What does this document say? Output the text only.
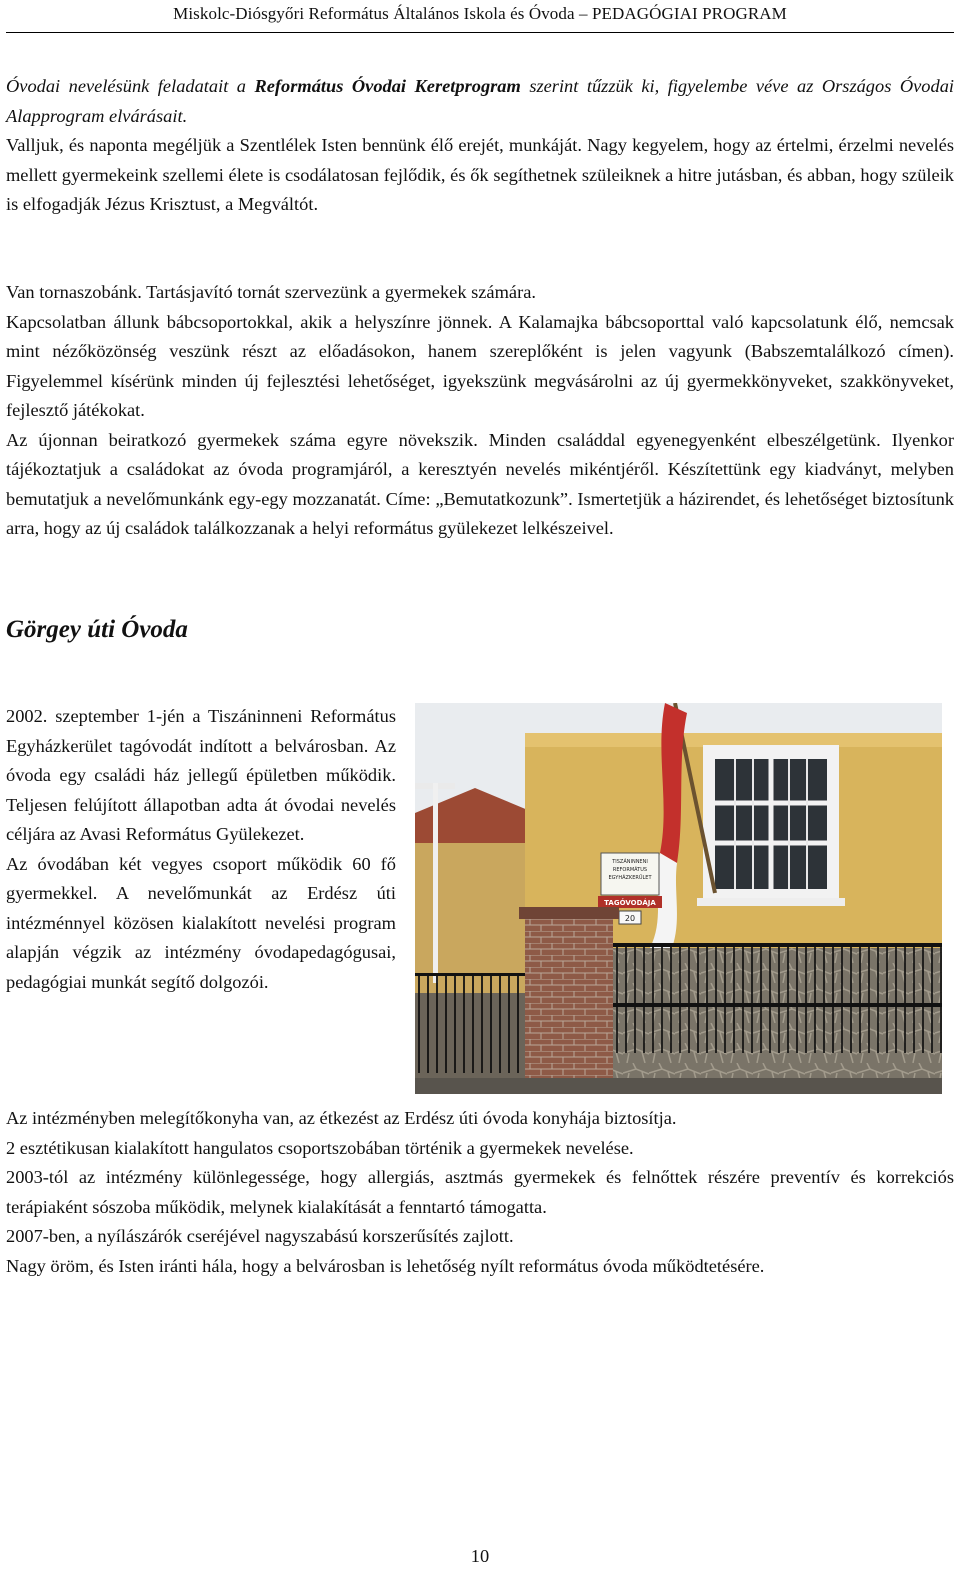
Miskolc-Diósgyőri Református Általános Iskola és Óvoda – PEDAGÓGIAI PROGRAM

Óvodai nevelésünk feladatait a Református Óvodai Keretprogram szerint tűzzük ki, figyelembe véve az Országos Óvodai Alapprogram elvárásait.

Valljuk, és naponta megéljük a Szentlélek Isten bennünk élő erejét, munkáját. Nagy kegyelem, hogy az értelmi, érzelmi nevelés mellett gyermekeink szellemi élete is csodálatosan fejlődik, és ők segíthetnek szüleiknek a hitre jutásban, és abban, hogy szüleik is elfogadják Jézus Krisztust, a Megváltót.

Van tornaszobánk. Tartásjavító tornát szervezünk a gyermekek számára.

Kapcsolatban állunk bábcsoportokkal, akik a helyszínre jönnek. A Kalamajka bábcsoporttal való kapcsolatunk élő, nemcsak mint nézőközönség veszünk részt az előadásokon, hanem szereplőként is jelen vagyunk (Babszemtalálkozó címen). Figyelemmel kísérünk minden új fejlesztési lehetőséget, igyekszünk megvásárolni az új gyermekkönyveket, szakkönyveket, fejlesztő játékokat.

Az újonnan beiratkozó gyermekek száma egyre növekszik. Minden családdal egyenegyenként elbeszélgetünk. Ilyenkor tájékoztatjuk a családokat az óvoda programjáról, a keresztyén nevelés mikéntjéről. Készítettünk egy kiadványt, melyben bemutatjuk a nevelőmunkánk egy-egy mozzanatát. Címe: „Bemutatkozunk”. Ismertetjük a házirendet, és lehetőséget biztosítunk arra, hogy az új családok találkozzanak a helyi református gyülekezet lelkészeivel.

Görgey úti Óvoda

2002. szeptember 1-jén a Tiszáninneni Református Egyházkerület tagóvodát indított a belvárosban. Az óvoda egy családi ház jellegű épületben működik. Teljesen felújított állapotban adta át óvodai nevelés céljára az Avasi Református Gyülekezet.

Az óvodában két vegyes csoport működik 60 fő gyermekkel. A nevelőmunkát az Erdész úti intézménnyel közösen kialakított nevelési program alapján végzik az intézmény óvodapedagógusai, pedagógiai munkát segítő dolgozói.

TISZÁNINNENI
REFORMÁTUS
EGYHÁZKERÜLET
TAGÓVODÁJA
20

Az intézményben melegítőkonyha van, az étkezést az Erdész úti óvoda konyhája biztosítja.

2 esztétikusan kialakított hangulatos csoportszobában történik a gyermekek nevelése.

2003-tól az intézmény különlegessége, hogy allergiás, asztmás gyermekek és felnőttek részére preventív és korrekciós terápiaként sószoba működik, melynek kialakítását a fenntartó támogatta.

2007-ben, a nyílászárók cseréjével nagyszabású korszerűsítés zajlott.

Nagy öröm, és Isten iránti hála, hogy a belvárosban is lehetőség nyílt református óvoda működtetésére.

10
